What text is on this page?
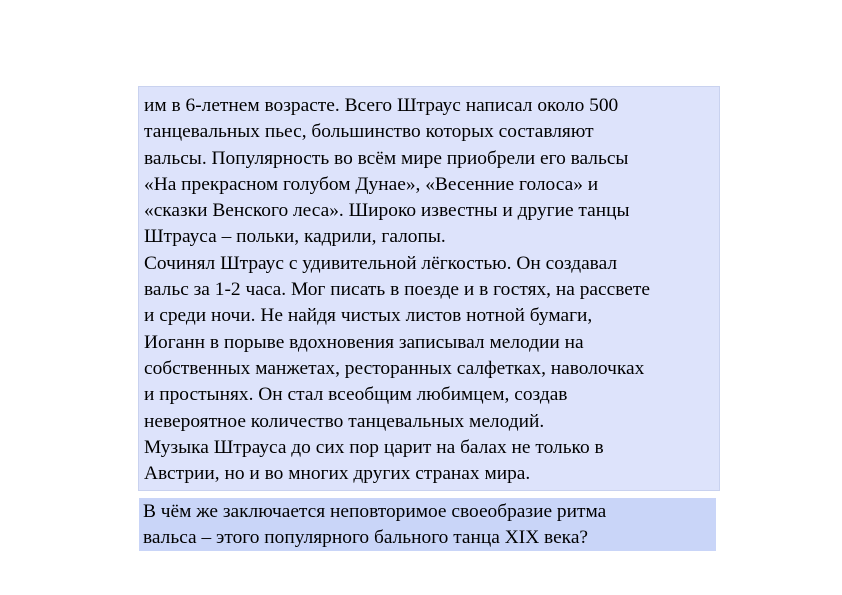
им в 6-летнем возрасте. Всего Штраус написал около 500

танцевальных пьес, большинство которых составляют

вальсы. Популярность во всём мире приобрели его вальсы

«На прекрасном голубом Дунае», «Весенние голоса» и

«сказки Венского леса». Широко известны и другие танцы

Штрауса – польки, кадрили, галопы.

Сочинял Штраус с удивительной лёгкостью. Он создавал

вальс за 1-2 часа. Мог писать в поезде и в гостях, на рассвете

и среди ночи. Не найдя чистых листов нотной бумаги,

Иоганн в порыве вдохновения записывал мелодии на

собственных манжетах, ресторанных салфетках, наволочках

и простынях. Он стал всеобщим любимцем, создав

невероятное количество танцевальных мелодий.

Музыка Штрауса до сих пор царит на балах не только в

Австрии, но и во многих других странах мира.

В чём же заключается неповторимое своеобразие ритма

вальса – этого популярного бального танца XIX века?
